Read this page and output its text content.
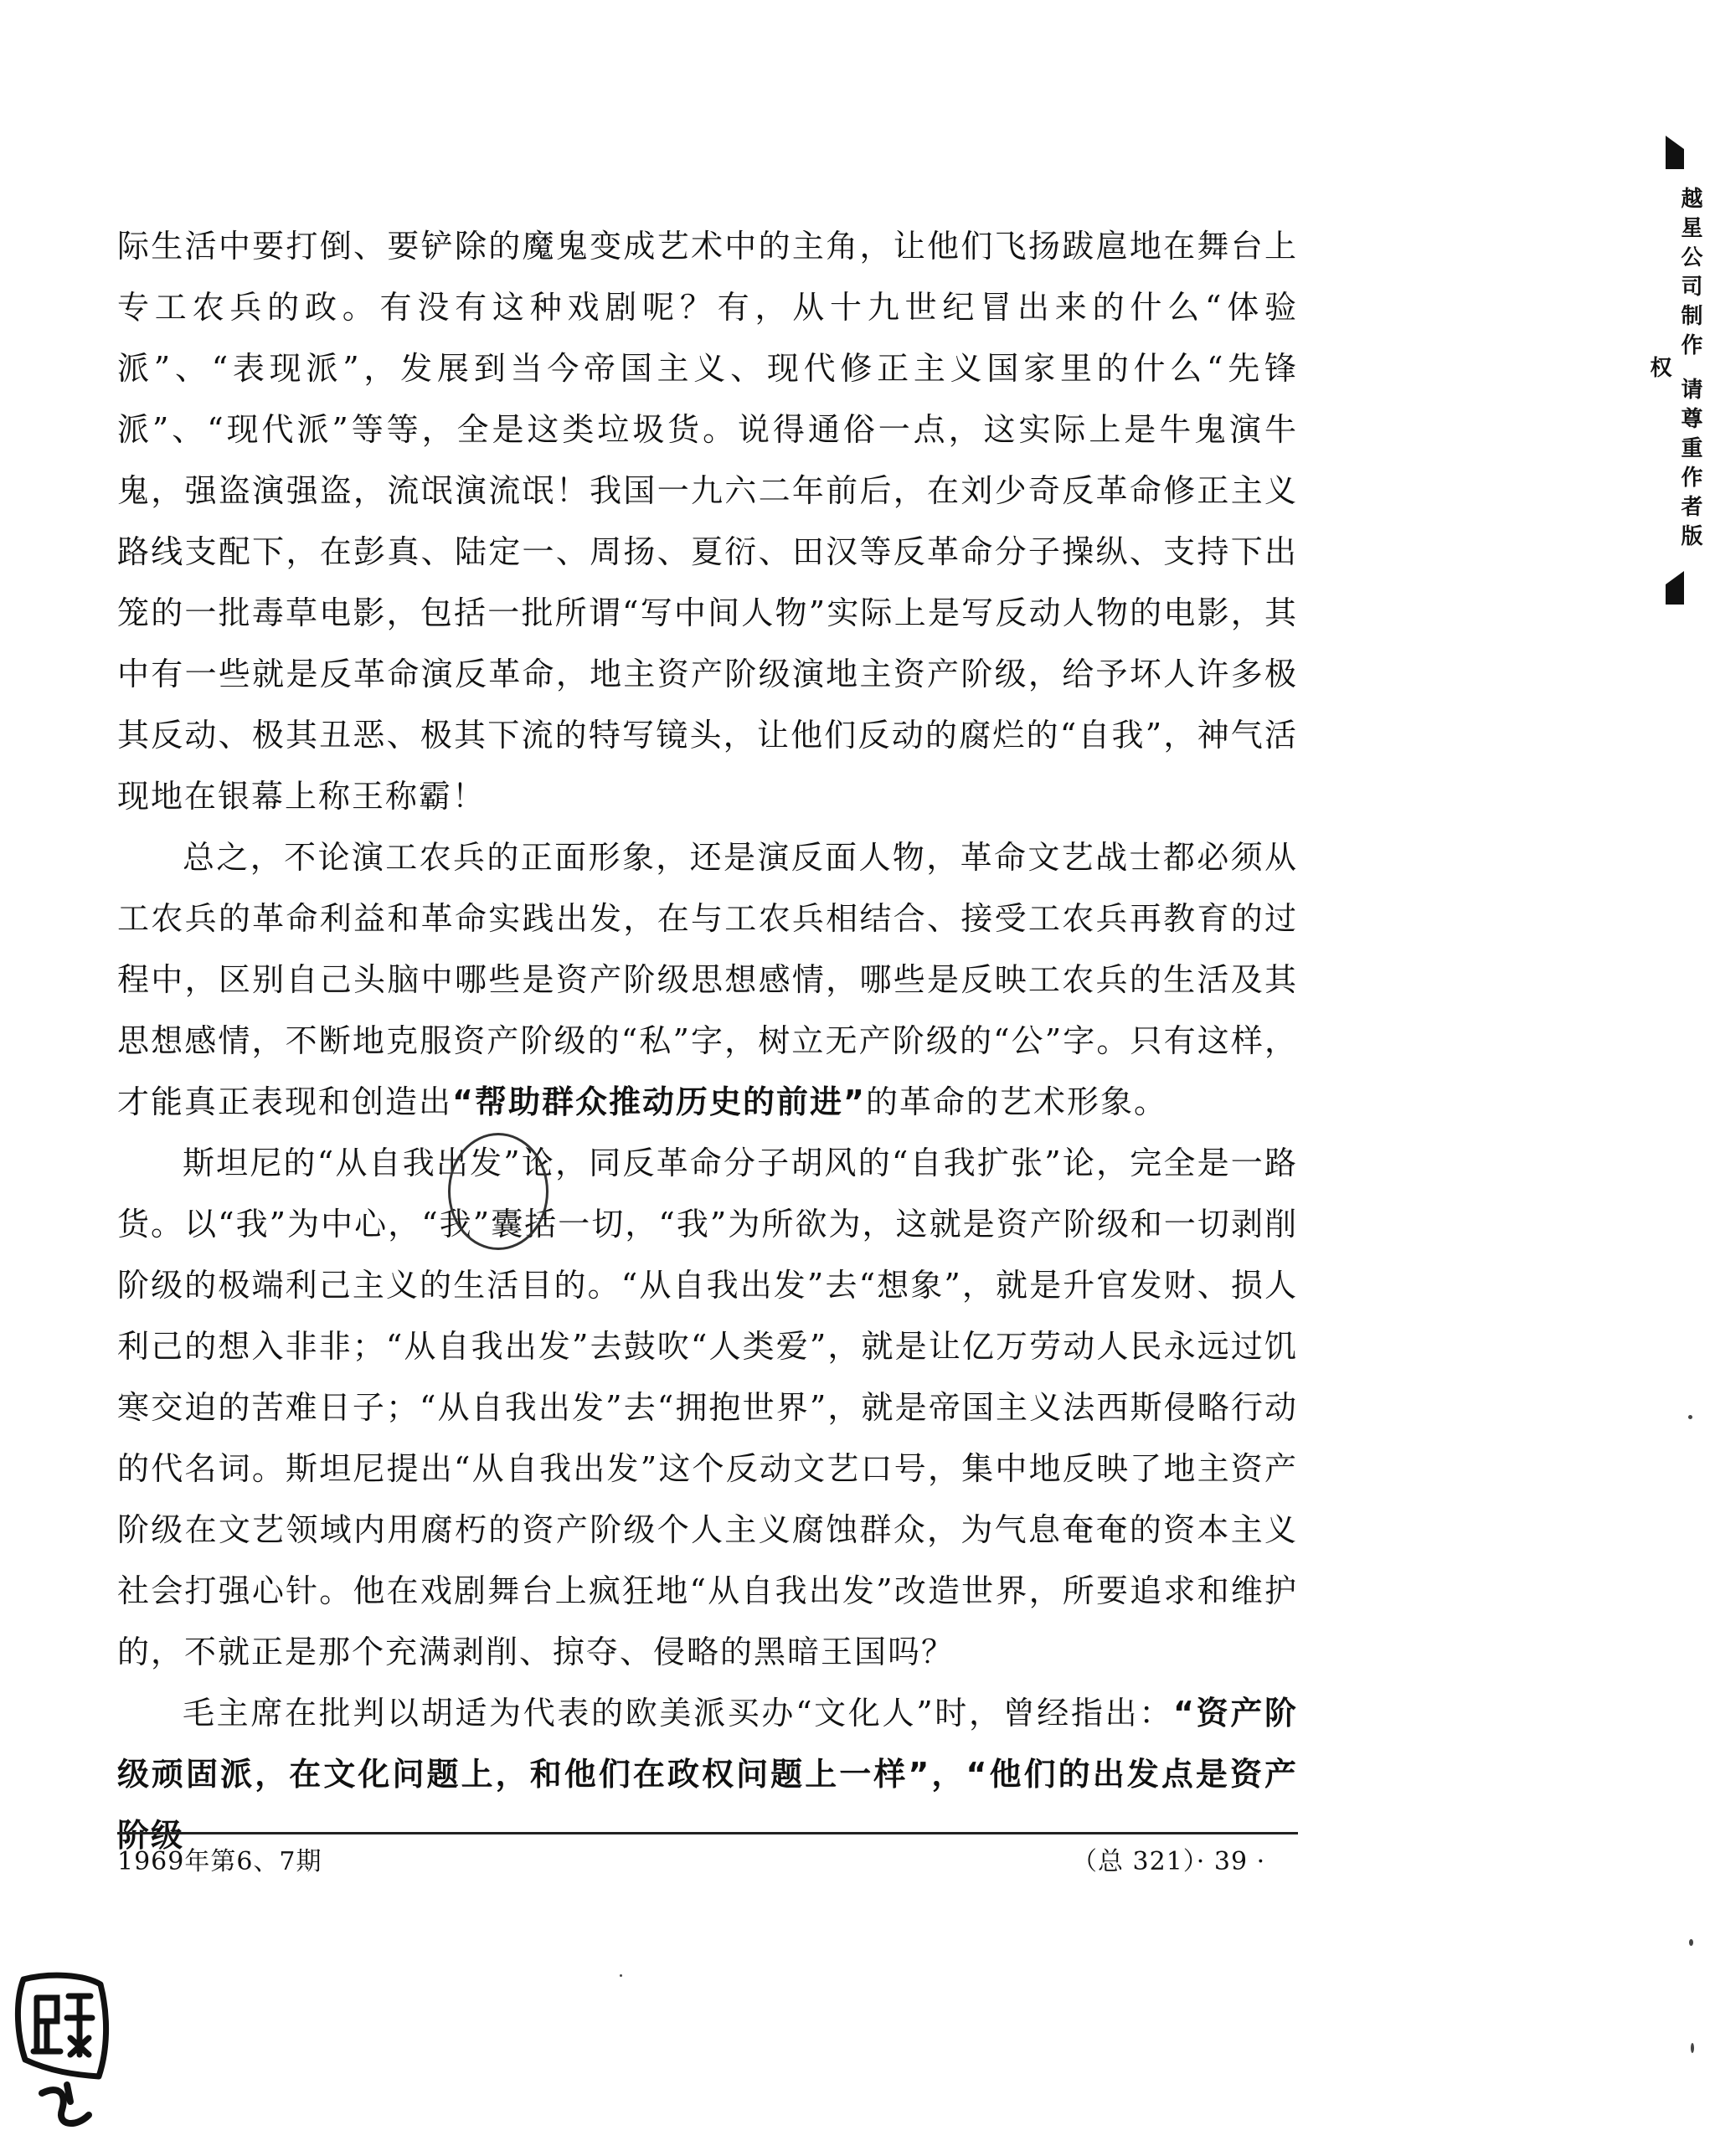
际生活中要打倒、要铲除的魔鬼变成艺术中的主角，让他们飞扬跋扈地在舞台上专工农兵的政。有没有这种戏剧呢？有，从十九世纪冒出来的什么“体验派”、“表现派”，发展到当今帝国主义、现代修正主义国家里的什么“先锋派”、“现代派”等等，全是这类垃圾货。说得通俗一点，这实际上是牛鬼演牛鬼，强盗演强盗，流氓演流氓！我国一九六二年前后，在刘少奇反革命修正主义路线支配下，在彭真、陆定一、周扬、夏衍、田汉等反革命分子操纵、支持下出笼的一批毒草电影，包括一批所谓“写中间人物”实际上是写反动人物的电影，其中有一些就是反革命演反革命，地主资产阶级演地主资产阶级，给予坏人许多极其反动、极其丑恶、极其下流的特写镜头，让他们反动的腐烂的“自我”，神气活现地在银幕上称王称霸！

总之，不论演工农兵的正面形象，还是演反面人物，革命文艺战士都必须从工农兵的革命利益和革命实践出发，在与工农兵相结合、接受工农兵再教育的过程中，区别自己头脑中哪些是资产阶级思想感情，哪些是反映工农兵的生活及其思想感情，不断地克服资产阶级的“私”字，树立无产阶级的“公”字。只有这样，才能真正表现和创造出“帮助群众推动历史的前进”的革命的艺术形象。

斯坦尼的“从自我出发”论，同反革命分子胡风的“自我扩张”论，完全是一路货。以“我”为中心，“我”囊括一切，“我”为所欲为，这就是资产阶级和一切剥削阶级的极端利己主义的生活目的。“从自我出发”去“想象”，就是升官发财、损人利己的想入非非；“从自我出发”去鼓吹“人类爱”，就是让亿万劳动人民永远过饥寒交迫的苦难日子；“从自我出发”去“拥抱世界”，就是帝国主义法西斯侵略行动的代名词。斯坦尼提出“从自我出发”这个反动文艺口号，集中地反映了地主资产阶级在文艺领域内用腐朽的资产阶级个人主义腐蚀群众，为气息奄奄的资本主义社会打强心针。他在戏剧舞台上疯狂地“从自我出发”改造世界，所要追求和维护的，不就正是那个充满剥削、掠夺、侵略的黑暗王国吗？

毛主席在批判以胡适为代表的欧美派买办“文化人”时，曾经指出：“资产阶级顽固派，在文化问题上，和他们在政权问题上一样”，“他们的出发点是资产阶级

1969年第6、7期	（总 321）· 39 ·
越星公司制作 请尊重作者版权
